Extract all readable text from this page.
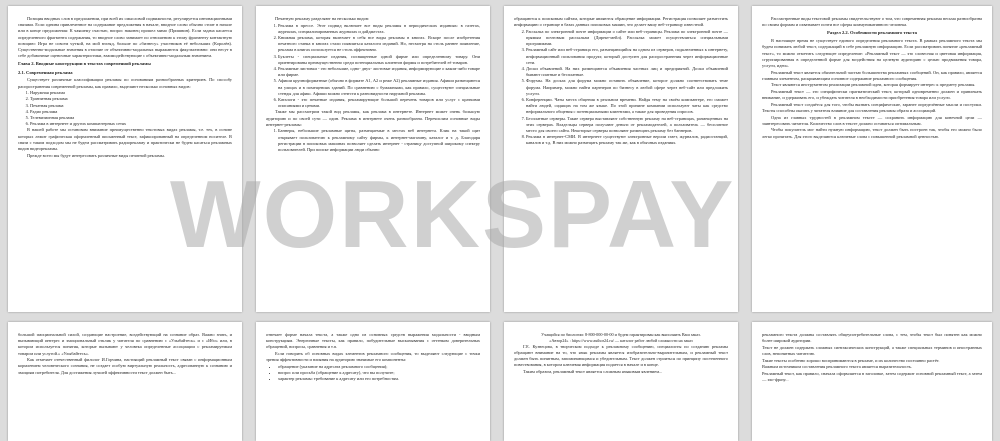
Позиция вводных слов в предложении, при всей их смысловой подвижности, регулируется интонационными связями. Если однина привлеченное на содержание предложения в начале, вводное слово обычно стоит в начале или в конце предложения: К чаяшему счастью, вопрос наконец прошел мимо (Пришвин). Если задача касается определенного фрагмента содержания, то вводное слово занимает по отношению к этому фрагменту контактную позицию: Игра не совсем чуткой, на мой взгляд, больше по «бизнесу» участников её небольших (Королёв). Существенно-модальные значения в отличие от объективно-модальных выражаются факультативно: они несут в себе добавочные оценочные характеристики, взаимодействующие с объективно-модальным значением.

Глава 2. Вводные конструкции в текстах современной рекламы
2.1. Современная реклама

Существует различные классификации рекламы по основаниям разнообразных критериев. По способу распространения современной рекламы, как правило, выделяют несколько основных видов:

1. Наружная реклама
2. Транзитная реклама
3. Печатная реклама
4. Радио реклама
5. Телевизионная реклама
6. Реклама в интернете и других компьютерных сетях

В нашей работе мы остановим внимание преимущественно текстовых видах рекламы, т.е. тех, в основе которых лежит графическая оформленный письменный текст, зафиксированный на определенном носителе. В связи с таким подходом мы не будем рассматривать радиорекламу и практически не будем касаться рекламных видов видеорекламы.

Прежде всего мы будут интересовать различные виды печатной рекламы.

Печатную рекламу разделяют на несколько видов:

1. Реклама в прессе. Этот подвид включает все виды рекламы в периодических изданиях: в газетах, журналах, специализированных журналах и дайджестах.
2. Книжная реклама, которая включает в себя все виды рекламы в книгах. Вскоре после изобретения печатного станка в книгах стали появляться каталоги изданий. Но, несмотря на столь раннее появление, реклама в книгах используется не столь эффективно.
3. Буклеты - специальные издания, посвященные одной фирме или определенному товару. Они ориентированы преимущественно среди потенциальных клиентов фирмы и потребителей её товаров.
4. Рекламные листовки - это небольшие, одно- двух- листовые издания, информирующие о каком-либо товаре или фирме.
5. Афиши крупноформатные (обычно в формате А1, А2 и реже А2) рекламные издания. Афиши размещаются на улицах и в помещениях зданий. По сравнению с бумажными, как правило, существуют специальные стенды для афиш. Афиши можно отнести к разновидности наружной рекламы.
6. Каталоги - это печатные издания, рекламирующие большой перечень товаров или услуг с краткими описаниями и ценами.

Также мы рассмотрим такой вид рекламы, как реклама в интернете. Интернет может очень большую аудиторию и по своей сути — один. Реклама в интернете очень разнообразна. Перечислим основные виды интернет-рекламы:

1. Баннеры, небольшие рекламные щиты, размещаемые в местах веб интернета. Клик на такой щит открывает пользователю к рекламному сайту фирмы, к интернет-магазину, каталог и т. д. Благодаря регистрации в поисковых машинах позволяет сделать интернет - страницу доступной широкому спектру пользователей. При поиске информации люди обычно

обращаются к поисковым сайтам, которые являются обращение информации. Регистрация позволяет разместить информацию о странице в базах данных поисковых машин, что делает вашу веб-страницу известной.

2. Рассылка по электронной почте информации о сайте или веб-страницы. Реклама по электронной почте — прямым почтовым рассылкам (Директ-мейл). Рассылка может осуществляться специальными программами.
3. Рекламный сайт или веб-страница его, размещающийся на одном из серверов, подключенных к интернету, информационный пользования продукт, который доступен для распространения через информационные сети.
4. Доски объявлений. На них размещаются объявления частных лиц и предприятий. Доски объявлений бывают платные и бесплатные.
5. Форумы. На досках для форума можно оставить объявление, которое должно соответствовать теме форума. Например, можно найти партнеров по бизнесу в любой сфере через веб-сайт или предложить услуги.
6. Конференции. Чаты места общения в реальном времени. Найдя тему на своём компьютере, его сможет найти людей, сидящих на том же языке. По этой причине компании используют чаты как средство неформального общения с потенциальными клиентами, а также для проведения опросов.
7. Бесплатные серверы. Такие сервера выставляют собственную рекламу на веб-страницах, размещенных на этих серверах. Владельцы сервера получают деньги от рекламодателей, а пользователь — бесплатное место для своего сайта. Некоторые серверы позволяют размещать рекламу без баннеров.
8. Реклама в интернет-СМИ. В интернете существуют электронные версии газет, журналов, радиостанций, каналов и т.д. В них можно размещать рекламу так же, как в обычных изданиях.

Рассмотренные виды текстовой рекламы свидетельствуют о том, что современная реклама весьма разнообразна по своим формам и охватывает почти все сферы коммуникативного человека.

Раздел 2.2. Особенности рекламного текста

В настоящее время не существует единого определения рекламного текста. В рамках рекламного текста мы будем понимать любой текст, содержащий в себе рекламную информацию. Если рассматривать понятие «рекламный текст», то можно отметить следующее определение: «Рекламный текст — это словесная и цветовая информация, сгруппированная в определенной форме для воздействия на целевую аудиторию с целью продвижения товара, услуги, идеи».

Рекламный текст является обязательной частью большинства рекламных сообщений. Он, как правило, является главным элементом, раскрывающим основное содержание рекламного сообщения.

Текст являются инструментом реализации рекламной идеи, которая формирует интерес к предмету рекламы.

Рекламный текст — это специфически прагматический текст, который одновременно должен и привлекать внимание, и удерживать его, и убеждать читателя в необходимости приобретения товара или услуги.

Рекламный текст создаётся для того, чтобы вызвать специфические, заранее определённые мысли и поступки. Тексты способны оказать у читателя влияние для составления рекламы образа и ассоциаций.

Одна из главных трудностей в рекламном тексте — сохранить информацию для конечной цели — заинтересовать читателя. Количество слов в тексте должно оставаться оптимальным.

Чтобы покупатель мог найти нужную информацию, текст должен быть построен так, чтобы его можно было легко прочитать. Для этого выделяются ключевые слова с повышенной рекламной ценностью.

большой эмоциональной силой, создающие настроение, воздействующий на сознание образ. Важно знать, и вызывающий интерес и эмоциональный отклик у читателя по сравнению с «Улыбайтесь» и с «Ибо» или, в котором используется понятия, которые вызывают у человека определенные ассоциации с рекламируемым товаром или услугой.» «Улыбайтесь».

Как отмечает отечественный филолог И.Горчина, настоящий рекламный текст связан с информационным кормлением человеческого сознания, не создает особую виртуальную реальность, адресованную к сознанию и эмоциям потребителя. Для достижения лучшей эффективности текст должен быть...

отвечает форме начала текста, а также одно из основных средств выражения модальности - вводным конструкциям. Энергичные тексты, как правило, побудительные высказывания с оттенком доверительных обращений, вопросы, сравнения и т.п.

Если говорить об основных видах элементов рекламного сообщения, то выделяют следующие с точки зрения эффективности и влияния на аудиторию значимые его компоненты:

• обращение (указание на адресата рекламного сообщения);
• вопрос или просьба (обращение к адресату), что вы получите;
• характер рекламы: требование к адресату или его потребностям.
Учащийся по биологии: 8-800-000-00-00 и будем гарантирован как выполнить Ваш заказ.
«Автор24» : https://www.author24.ru/ — каталог работ любой сложности на заказ

Г.Е. Кузнецова, в творческом подходе к рекламному сообщению, специалисты по созданию рекламы обращают внимание на то, что язык рекламы является изобразительно-выразительным, и рекламный текст должен быть понятным, запоминающимся и убедительным. Текст должен строиться по принципу постепенного повествования, в котором ключевая информация подается в начале и в конце.

Таким образом, рекламный текст является сложным языковым явлением...

рекламного текста должны составлять общеупотребительные слова, с тем, чтобы текст был понятен как можно более широкой аудитории.

Текст не должен содержать сложных синтаксических конструкций, а также специальных терминов и иностранных слов, непонятных читателю.

Такие тексты особенно хорошо воспринимаются в рекламе, и их количество постоянно растёт.

Важным источником составления рекламного текста является выразительность.

Рекламный текст, как правило, сначала оформляется в заголовке, затем содержит основной рекламный текст, а затем — эхо-фразу...

WORKSPAY
